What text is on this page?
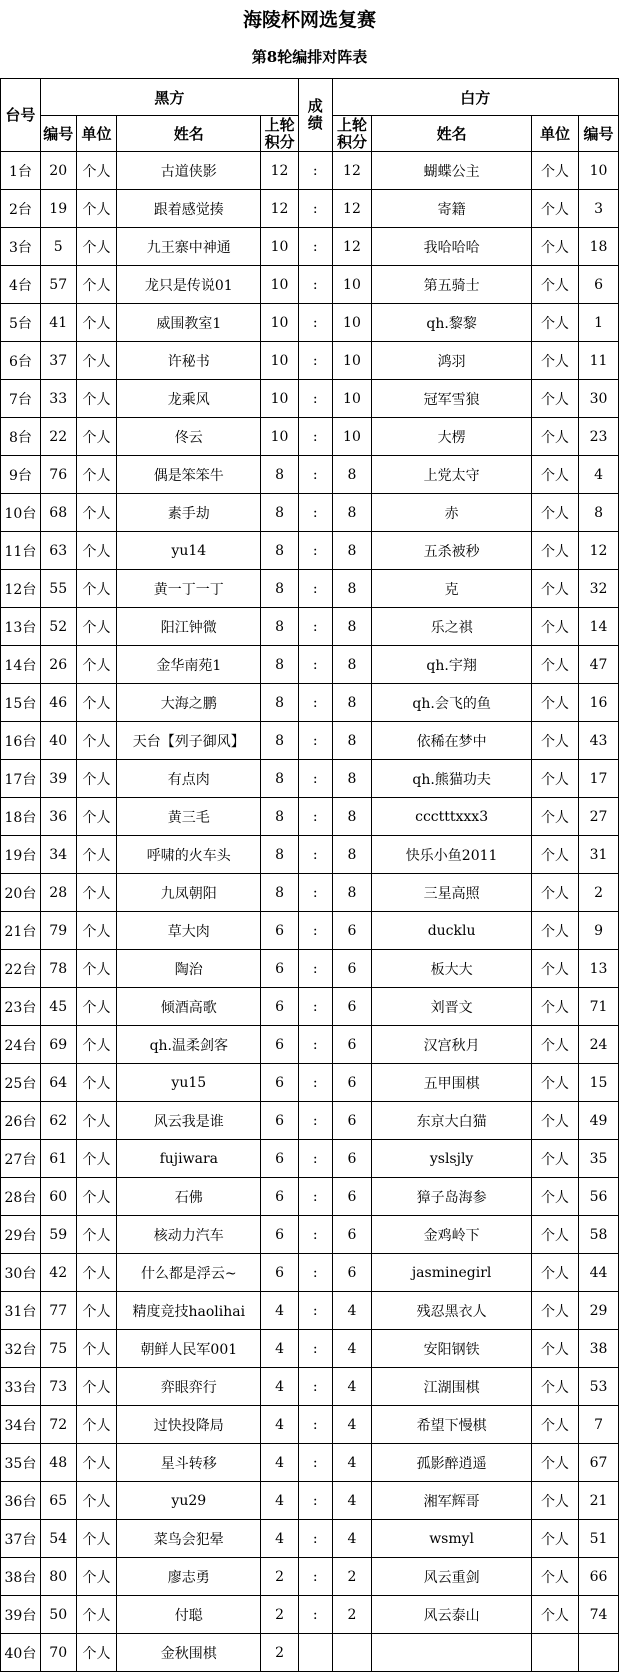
海陵杯网选复赛
第8轮编排对阵表
台号	黑方				成绩	白方			
	编号	单位	姓名	上轮积分		上轮积分	姓名	单位	编号
1台	20	个人	古道侠影	12	:	12	蝴蝶公主	个人	10
2台	19	个人	跟着感觉揍	12	:	12	寄籍	个人	3
3台	5	个人	九王寨中神通	10	:	12	我哈哈哈	个人	18
4台	57	个人	龙只是传说01	10	:	10	第五骑士	个人	6
5台	41	个人	威围教室1	10	:	10	qh.黎黎	个人	1
6台	37	个人	许秘书	10	:	10	鸿羽	个人	11
7台	33	个人	龙乘风	10	:	10	冠军雪狼	个人	30
8台	22	个人	佟云	10	:	10	大楞	个人	23
9台	76	个人	偶是笨笨牛	8	:	8	上党太守	个人	4
10台	68	个人	素手劫	8	:	8	赤	个人	8
11台	63	个人	yu14	8	:	8	五杀被秒	个人	12
12台	55	个人	黄一丁一丁	8	:	8	克	个人	32
13台	52	个人	阳江钟微	8	:	8	乐之祺	个人	14
14台	26	个人	金华南苑1	8	:	8	qh.宇翔	个人	47
15台	46	个人	大海之鹏	8	:	8	qh.会飞的鱼	个人	16
16台	40	个人	天台【列子御风】	8	:	8	依稀在梦中	个人	43
17台	39	个人	有点肉	8	:	8	qh.熊猫功夫	个人	17
18台	36	个人	黄三毛	8	:	8	ccctttxxx3	个人	27
19台	34	个人	呼啸的火车头	8	:	8	快乐小鱼2011	个人	31
20台	28	个人	九凤朝阳	8	:	8	三星高照	个人	2
21台	79	个人	草大肉	6	:	6	ducklu	个人	9
22台	78	个人	陶治	6	:	6	板大大	个人	13
23台	45	个人	倾酒高歌	6	:	6	刘晋文	个人	71
24台	69	个人	qh.温柔剑客	6	:	6	汉宫秋月	个人	24
25台	64	个人	yu15	6	:	6	五甲围棋	个人	15
26台	62	个人	风云我是谁	6	:	6	东京大白猫	个人	49
27台	61	个人	fujiwara	6	:	6	yslsjly	个人	35
28台	60	个人	石佛	6	:	6	獐子岛海参	个人	56
29台	59	个人	核动力汽车	6	:	6	金鸡岭下	个人	58
30台	42	个人	什么都是浮云~	6	:	6	jasminegirl	个人	44
31台	77	个人	精度竞技haolihai	4	:	4	残忍黑衣人	个人	29
32台	75	个人	朝鲜人民军001	4	:	4	安阳钢铁	个人	38
33台	73	个人	弈眼弈行	4	:	4	江湖围棋	个人	53
34台	72	个人	过快投降局	4	:	4	希望下慢棋	个人	7
35台	48	个人	星斗转移	4	:	4	孤影醉逍遥	个人	67
36台	65	个人	yu29	4	:	4	湘军辉哥	个人	21
37台	54	个人	菜鸟会犯晕	4	:	4	wsmyl	个人	51
38台	80	个人	廖志勇	2	:	2	风云重剑	个人	66
39台	50	个人	付聪	2	:	2	风云泰山	个人	74
40台	70	个人	金秋围棋	2					
